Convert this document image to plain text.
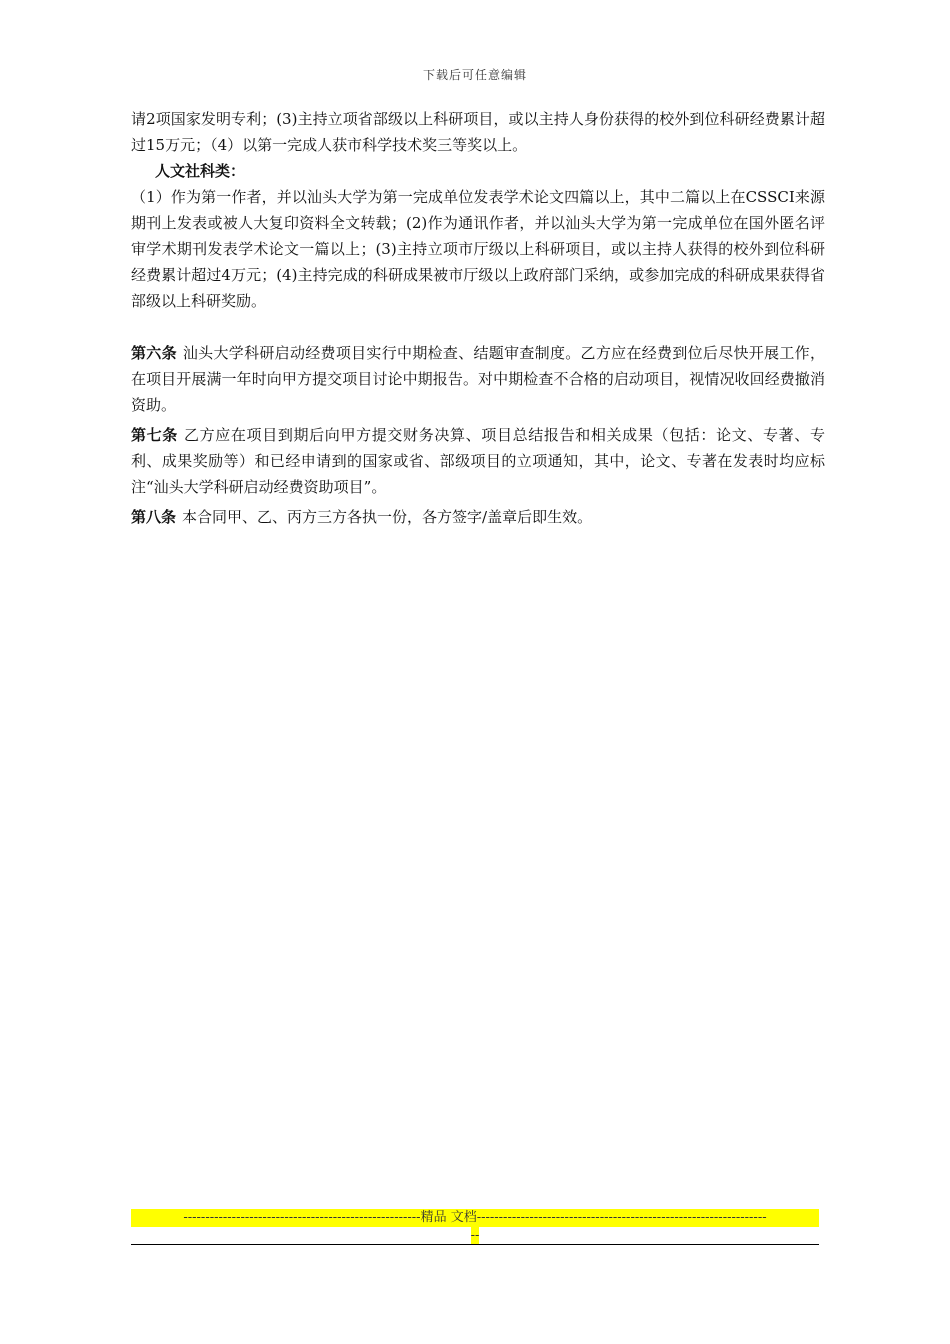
下载后可任意编辑

请2项国家发明专利；(3)主持立项省部级以上科研项目，或以主持人身份获得的校外到位科研经费累计超过15万元；（4）以第一完成人获市科学技术奖三等奖以上。

人文社科类：

（1）作为第一作者，并以汕头大学为第一完成单位发表学术论文四篇以上，其中二篇以上在CSSCI来源期刊上发表或被人大复印资料全文转载；(2)作为通讯作者，并以汕头大学为第一完成单位在国外匿名评审学术期刊发表学术论文一篇以上；(3)主持立项市厅级以上科研项目，或以主持人获得的校外到位科研经费累计超过4万元；(4)主持完成的科研成果被市厅级以上政府部门采纳，或参加完成的科研成果获得省部级以上科研奖励。

第六条 汕头大学科研启动经费项目实行中期检查、结题审查制度。乙方应在经费到位后尽快开展工作，在项目开展满一年时向甲方提交项目讨论中期报告。对中期检查不合格的启动项目，视情况收回经费撤消资助。

第七条 乙方应在项目到期后向甲方提交财务决算、项目总结报告和相关成果（包括：论文、专著、专利、成果奖励等）和已经申请到的国家或省、部级项目的立项通知，其中，论文、专著在发表时均应标注“汕头大学科研启动经费资助项目”。

第八条 本合同甲、乙、丙方三方各执一份，各方签字/盖章后即生效。

------------------------------------------------------精品 文档------------------------------------------------------------------
--
